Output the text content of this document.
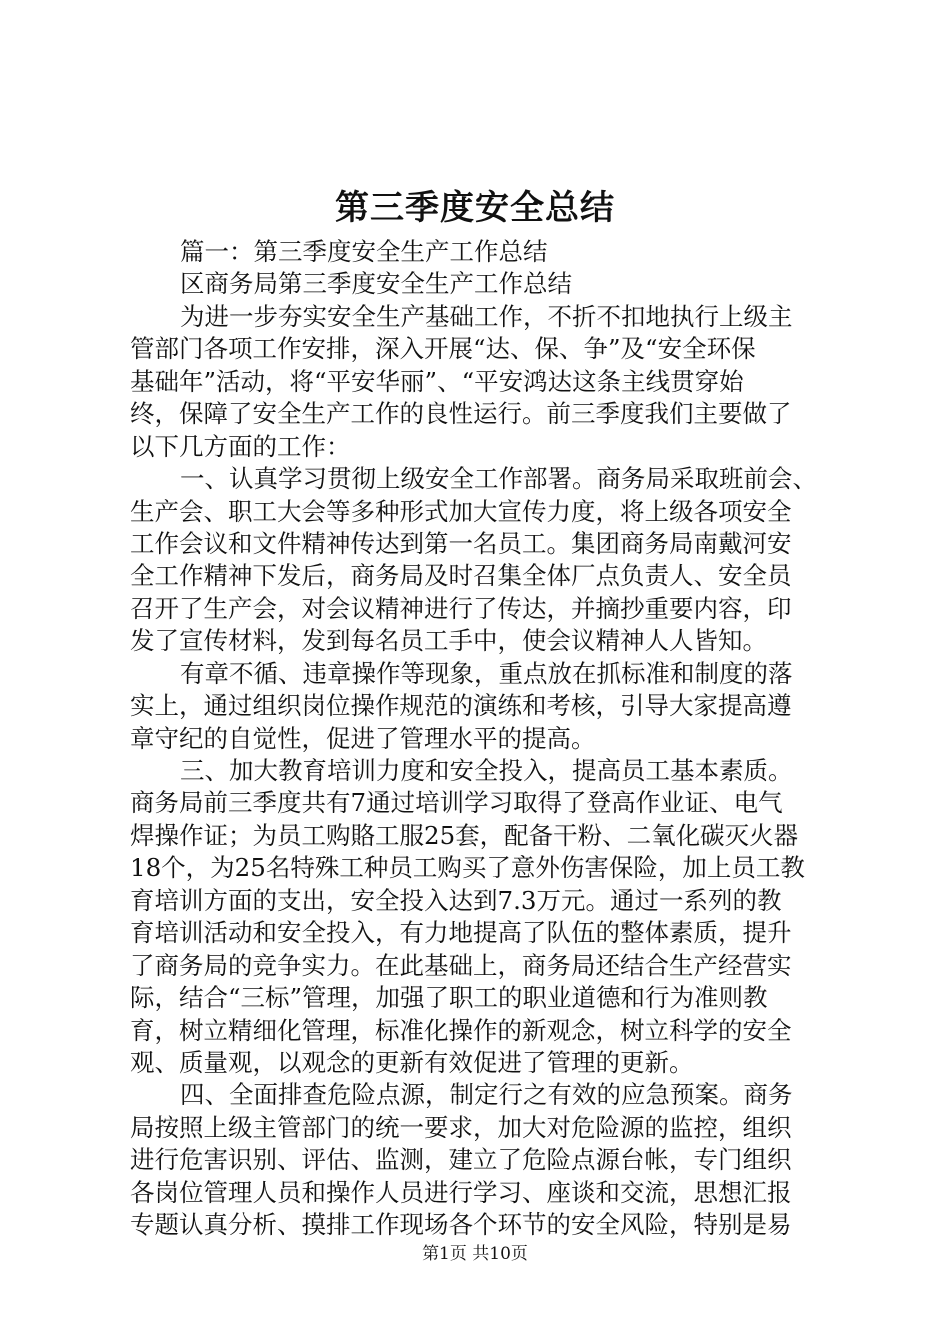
第三季度安全总结
篇一：第三季度安全生产工作总结
区商务局第三季度安全生产工作总结
为进一步夯实安全生产基础工作，不折不扣地执行上级主
管部门各项工作安排，深入开展“达、保、争”及“安全环保
基础年”活动，将“平安华丽”、“平安鸿达这条主线贯穿始
终，保障了安全生产工作的良性运行。前三季度我们主要做了
以下几方面的工作：
一、认真学习贯彻上级安全工作部署。商务局采取班前会、
生产会、职工大会等多种形式加大宣传力度，将上级各项安全
工作会议和文件精神传达到第一名员工。集团商务局南戴河安
全工作精神下发后，商务局及时召集全体厂点负责人、安全员
召开了生产会，对会议精神进行了传达，并摘抄重要内容，印
发了宣传材料，发到每名员工手中，使会议精神人人皆知。
有章不循、违章操作等现象，重点放在抓标准和制度的落
实上，通过组织岗位操作规范的演练和考核，引导大家提高遵
章守纪的自觉性，促进了管理水平的提高。
三、加大教育培训力度和安全投入，提高员工基本素质。
商务局前三季度共有7通过培训学习取得了登高作业证、电气
焊操作证；为员工购賂工服25套，配备干粉、二氧化碳灭火器
18个，为25名特殊工种员工购买了意外伤害保险，加上员工教
育培训方面的支出，安全投入达到7.3万元。通过一系列的教
育培训活动和安全投入，有力地提高了队伍的整体素质，提升
了商务局的竞争实力。在此基础上，商务局还结合生产经营实
际，结合“三标”管理，加强了职工的职业道德和行为准则教
育，树立精细化管理，标准化操作的新观念，树立科学的安全
观、质量观，以观念的更新有效促进了管理的更新。
四、全面排查危险点源，制定行之有效的应急预案。商务
局按照上级主管部门的统一要求，加大对危险源的监控，组织
进行危害识别、评估、监测，建立了危险点源台帐，专门组织
各岗位管理人员和操作人员进行学习、座谈和交流，思想汇报
专题认真分析、摸排工作现场各个环节的安全风险，特别是易
第1页 共10页
